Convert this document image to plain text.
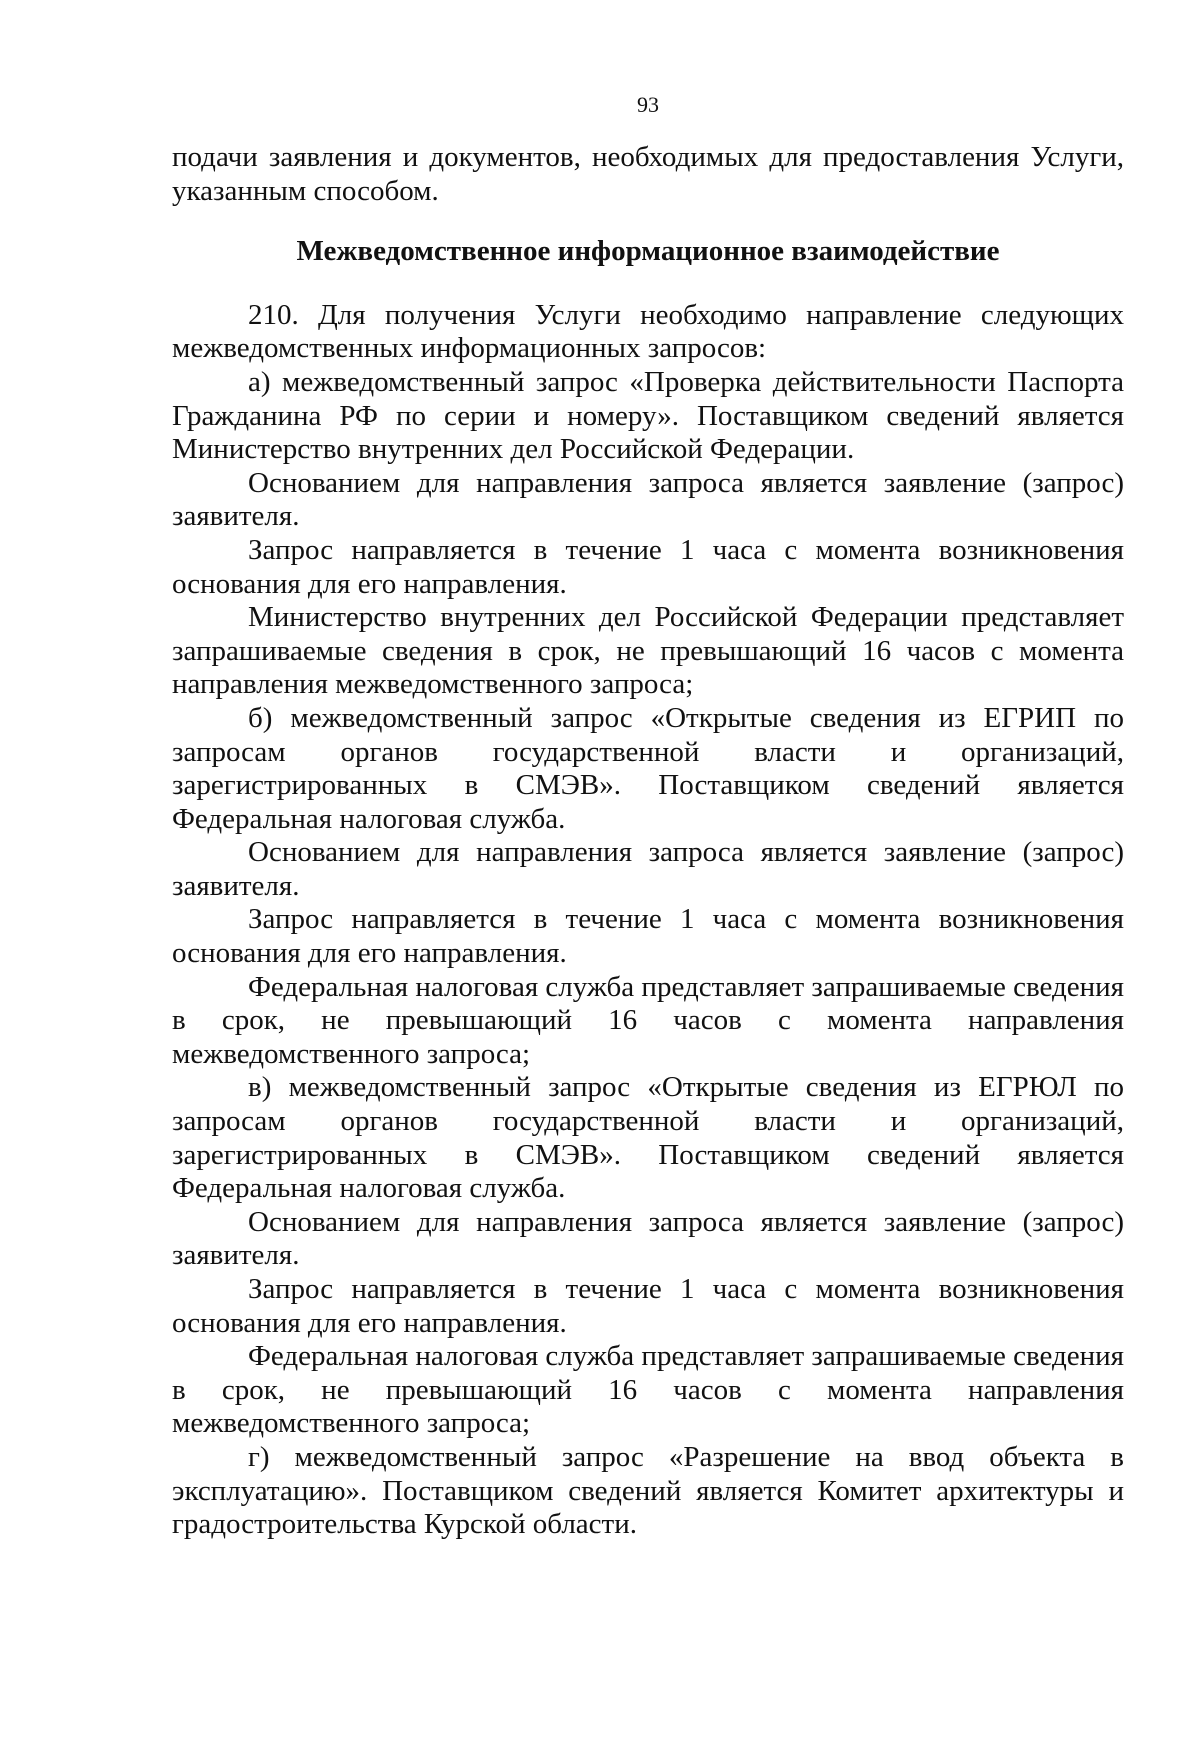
93

подачи заявления и документов, необходимых для предоставления Услуги, указанным способом.

Межведомственное информационное взаимодействие

210. Для получения Услуги необходимо направление следующих межведомственных информационных запросов:

а) межведомственный запрос «Проверка действительности Паспорта Гражданина РФ по серии и номеру». Поставщиком сведений является Министерство внутренних дел Российской Федерации.

Основанием для направления запроса является заявление (запрос) заявителя.

Запрос направляется в течение 1 часа с момента возникновения основания для его направления.

Министерство внутренних дел Российской Федерации представляет запрашиваемые сведения в срок, не превышающий 16 часов с момента направления межведомственного запроса;

б) межведомственный запрос «Открытые сведения из ЕГРИП по запросам органов государственной власти и организаций, зарегистрированных в СМЭВ». Поставщиком сведений является Федеральная налоговая служба.

Основанием для направления запроса является заявление (запрос) заявителя.

Запрос направляется в течение 1 часа с момента возникновения основания для его направления.

Федеральная налоговая служба представляет запрашиваемые сведения в срок, не превышающий 16 часов с момента направления межведомственного запроса;

в) межведомственный запрос «Открытые сведения из ЕГРЮЛ по запросам органов государственной власти и организаций, зарегистрированных в СМЭВ». Поставщиком сведений является Федеральная налоговая служба.

Основанием для направления запроса является заявление (запрос) заявителя.

Запрос направляется в течение 1 часа с момента возникновения основания для его направления.

Федеральная налоговая служба представляет запрашиваемые сведения в срок, не превышающий 16 часов с момента направления межведомственного запроса;

г) межведомственный запрос «Разрешение на ввод объекта в эксплуатацию». Поставщиком сведений является Комитет архитектуры и градостроительства Курской области.
